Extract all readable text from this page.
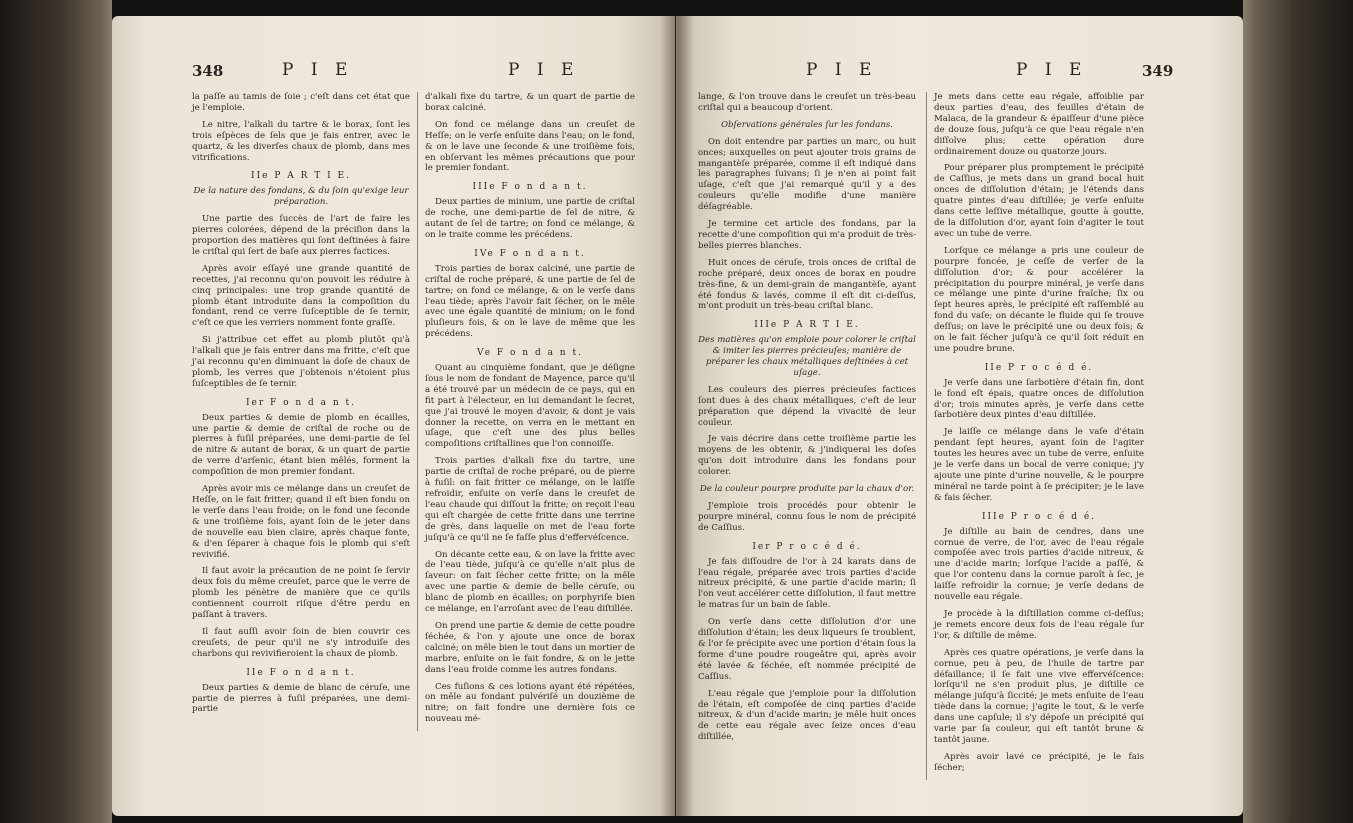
348	P I E	P I E

la paſſe au tamis de ſoie ; c'eſt dans cet état que je l'emploie.

Le nitre, l'alkali du tartre & le borax, ſont les trois eſpèces de ſels que je fais entrer, avec le quartz, & les diverſes chaux de plomb, dans mes vitrifications.

IIe P A R T I E.

De la nature des fondans, & du ſoin qu'exige leur préparation.

Une partie des ſuccès de l'art de faire les pierres colorées, dépend de la préciſion dans la proportion des matières qui ſont deſtinées à faire le criſtal qui ſert de baſe aux pierres factices.

Après avoir eſſayé une grande quantité de recettes, j'ai reconnu qu'on pouvoit les réduire à cinq principales: une trop grande quantité de plomb étant introduite dans la compoſition du fondant, rend ce verre ſuſceptible de ſe ternir, c'eſt ce que les verriers nomment fonte graſſe.

Si j'attribue cet effet au plomb plutôt qu'à l'alkali que je fais entrer dans ma fritte, c'eſt que j'ai reconnu qu'en diminuant la doſe de chaux de plomb, les verres que j'obtenois n'étoient plus ſuſceptibles de ſe ternir.

Ier F o n d a n t.

Deux parties & demie de plomb en écailles, une partie & demie de criſtal de roche ou de pierres à fuſil préparées, une demi-partie de ſel de nitre & autant de borax, & un quart de partie de verre d'arſenic, étant bien mêlés, forment la compoſition de mon premier fondant.

Après avoir mis ce mélange dans un creuſet de Heſſe, on le fait fritter; quand il eſt bien fondu on le verſe dans l'eau froide; on le fond une ſeconde & une troiſième fois, ayant ſoin de le jeter dans de nouvelle eau bien claire, après chaque fonte, & d'en ſéparer à chaque fois le plomb qui s'eſt revivifié.

Il faut avoir la précaution de ne point ſe ſervir deux fois du même creuſet, parce que le verre de plomb les pénètre de manière que ce qu'ils contiennent courroit riſque d'être perdu en paſſant à travers.

Il faut auſſi avoir ſoin de bien couvrir ces creuſets, de peur qu'il ne s'y introduiſe des charbons qui revivifieroient la chaux de plomb.

IIe F o n d a n t.

Deux parties & demie de blanc de céruſe, une partie de pierres à fuſil préparées, une demi-partie

d'alkali fixe du tartre, & un quart de partie de borax calciné.

On fond ce mélange dans un creuſet de Heſſe; on le verſe enſuite dans l'eau; on le fond, & on le lave une ſeconde & une troiſième fois, en obſervant les mêmes précautions que pour le premier fondant.

IIIe F o n d a n t.

Deux parties de minium, une partie de criſtal de roche, une demi-partie de ſel de nitre, & autant de ſel de tartre; on fond ce mélange, & on le traite comme les précédens.

IVe F o n d a n t.

Trois parties de borax calciné, une partie de criſtal de roche préparé, & une partie de ſel de tartre; on fond ce mélange, & on le verſe dans l'eau tiède; après l'avoir fait ſécher, on le mêle avec une égale quantité de minium; on le fond pluſieurs fois, & on le lave de même que les précédens.

Ve F o n d a n t.

Quant au cinquième fondant, que je déſigne ſous le nom de fondant de Mayence, parce qu'il a été trouvé par un médecin de ce pays, qui en fit part à l'électeur, en lui demandant le ſecret, que j'ai trouvé le moyen d'avoir, & dont je vais donner la recette, on verra en le mettant en uſage, que c'eſt une des plus belles compoſitions criſtallines que l'on connoiſſe.

Trois parties d'alkali fixe du tartre, une partie de criſtal de roche préparé, ou de pierre à fuſil: on fait fritter ce mélange, on le laiſſe refroidir, enſuite on verſe dans le creuſet de l'eau chaude qui diſſout la fritte; on reçoit l'eau qui eſt chargée de cette fritte dans une terrine de grès, dans laquelle on met de l'eau forte juſqu'à ce qu'il ne ſe faſſe plus d'effervéſcence.

On décante cette eau, & on lave la fritte avec de l'eau tiède, juſqu'à ce qu'elle n'ait plus de ſaveur: on fait ſécher cette fritte; on la mêle avec une partie & demie de belle céruſe, ou blanc de plomb en écailles; on porphyriſe bien ce mélange, en l'arroſant avec de l'eau diſtillée.

On prend une partie & demie de cette poudre ſéchée, & l'on y ajoute une once de borax calciné; on mêle bien le tout dans un mortier de marbre, enſuite on le fait fondre, & on le jette dans l'eau froide comme les autres fondans.

Ces fuſions & ces lotions ayant été répétées, on mêle au fondant pulvériſé un douzième de nitre; on fait fondre une dernière fois ce nouveau mé-

P I E	P I E	349

lange, & l'on trouve dans le creuſet un très-beau criſtal qui a beaucoup d'orient.

Obſervations générales ſur les fondans.

On doit entendre par parties un marc, ou huit onces; auxquelles on peut ajouter trois grains de mangantèſe préparée, comme il eſt indiqué dans les paragraphes ſuivans; ſi je n'en ai point fait uſage, c'eſt que j'ai remarqué qu'il y a des couleurs qu'elle modifie d'une manière déſagréable.

Je termine cet article des fondans, par la recette d'une compoſition qui m'a produit de très-belles pierres blanches.

Huit onces de céruſe, trois onces de criſtal de roche préparé, deux onces de borax en poudre très-fine, & un demi-grain de mangantèſe, ayant été fondus & lavés, comme il eſt dit ci-deſſus, m'ont produit un très-beau criſtal blanc.

IIIe P A R T I E.

Des matières qu'on emploie pour colorer le criſtal & imiter les pierres précieuſes; manière de préparer les chaux métalliques deſtinées à cet uſage.

Les couleurs des pierres précieuſes factices ſont dues à des chaux métalliques, c'eſt de leur préparation que dépend la vivacité de leur couleur.

Je vais décrire dans cette troiſième partie les moyens de les obtenir, & j'indiquerai les doſes qu'on doit introduire dans les fondans pour colorer.

De la couleur pourpre produite par la chaux d'or.

J'emploie trois procédés pour obtenir le pourpre minéral, connu ſous le nom de précipité de Caſſius.

Ier P r o c é d é.

Je fais diſſoudre de l'or à 24 karats dans de l'eau régale, préparée avec trois parties d'acide nitreux précipité, & une partie d'acide marin; ſi l'on veut accélérer cette diſſolution, il faut mettre le matras ſur un bain de ſable.

On verſe dans cette diſſolution d'or une diſſolution d'étain; les deux liqueurs ſe troublent, & l'or ſe précipite avec une portion d'étain ſous la forme d'une poudre rougeâtre qui, après avoir été lavée & ſéchée, eſt nommée précipité de Caſſius.

L'eau régale que j'emploie pour la diſſolution de l'étain, eſt compoſée de cinq parties d'acide nitreux, & d'un d'acide marin; je mêle huit onces de cette eau régale avec ſeize onces d'eau diſtillée,

Je mets dans cette eau régale, affoiblie par deux parties d'eau, des feuilles d'étain de Malaca, de la grandeur & épaiſſeur d'une pièce de douze ſous, juſqu'à ce que l'eau régale n'en diſſolve plus; cette opération dure ordinairement douze ou quatorze jours.

Pour préparer plus promptement le précipité de Caſſius, je mets dans un grand bocal huit onces de diſſolution d'étain; je l'étends dans quatre pintes d'eau diſtillée; je verſe enſuite dans cette leſſive métallique, goutte à goutte, de la diſſolution d'or, ayant ſoin d'agiter le tout avec un tube de verre.

Lorſque ce mélange a pris une couleur de pourpre foncée, je ceſſe de verſer de la diſſolution d'or; & pour accélérer la précipitation du pourpre minéral, je verſe dans ce mélange une pinte d'urine fraîche; ſix ou ſept heures après, le précipité eſt raſſemblé au fond du vaſe; on décante le fluide qui ſe trouve deſſus; on lave le précipité une ou deux fois; & on le fait ſécher juſqu'à ce qu'il ſoit réduit en une poudre brune.

IIe P r o c é d é.

Je verſe dans une ſarbotière d'étain fin, dont le fond eſt épais, quatre onces de diſſolution d'or; trois minutes après, je verſe dans cette ſarbotière deux pintes d'eau diſtillée.

Je laiſſe ce mélange dans le vaſe d'étain pendant ſept heures, ayant ſoin de l'agiter toutes les heures avec un tube de verre, enſuite je le verſe dans un bocal de verre conique; j'y ajoute une pinte d'urine nouvelle, & le pourpre minéral ne tarde point à ſe précipiter; je le lave & fais ſécher.

IIIe P r o c é d é.

Je diſtille au bain de cendres, dans une cornue de verre, de l'or, avec de l'eau régale compoſée avec trois parties d'acide nitreux, & une d'acide marin; lorſque l'acide a paſſé, & que l'or contenu dans la cornue paroît à ſec, je laiſſe refroidir la cornue; je verſe dedans de nouvelle eau régale.

Je procède à la diſtillation comme ci-deſſus; je remets encore deux fois de l'eau régale ſur l'or, & diſtille de même.

Après ces quatre opérations, je verſe dans la cornue, peu à peu, de l'huile de tartre par défaillance; il ſe fait une vive effervéſcence: lorſqu'il ne s'en produit plus, je diſtille ce mélange juſqu'à ſiccité; je mets enſuite de l'eau tiède dans la cornue; j'agite le tout, & le verſe dans une capſule; il s'y dépoſe un précipité qui varie par ſa couleur, qui eſt tantôt brune & tantôt jaune.

Après avoir lavé ce précipité, je le fais ſécher;
